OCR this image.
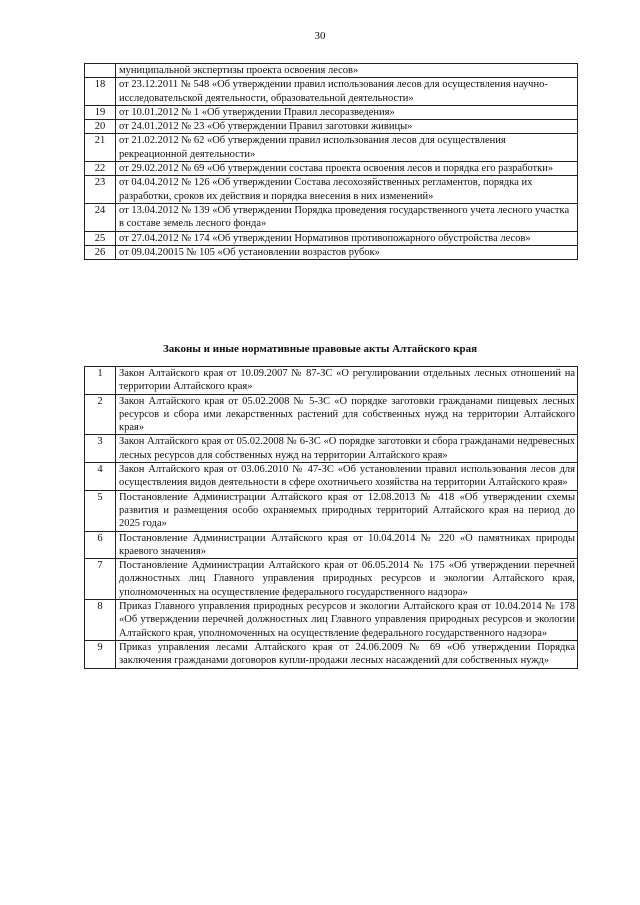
30
	муниципальной экспертизы проекта освоения лесов»
18	от 23.12.2011 № 548 «Об утверждении правил использования лесов для осуществления научно-исследовательской деятельности, образовательной деятельности»
19	от 10.01.2012 № 1 «Об утверждении Правил лесоразведения»
20	от 24.01.2012 № 23 «Об утверждении Правил заготовки живицы»
21	от 21.02.2012 № 62 «Об утверждении правил использования лесов для осуществления рекреационной деятельности»
22	от 29.02.2012 № 69 «Об утверждении состава проекта освоения лесов и порядка его разработки»
23	от 04.04.2012 № 126 «Об утверждении Состава лесохозяйственных регламентов, порядка их разработки, сроков их действия и порядка внесения в них изменений»
24	от 13.04.2012 № 139 «Об утверждении Порядка проведения государственного учета лесного участка в составе земель лесного фонда»
25	от 27.04.2012 № 174 «Об утверждении Нормативов противопожарного обустройства лесов»
26	от 09.04.20015 № 105 «Об установлении возрастов рубок»
Законы и иные нормативные правовые акты Алтайского края
1	Закон Алтайского края от 10.09.2007 № 87-ЗС «О регулировании отдельных лесных отношений на территории Алтайского края»
2	Закон Алтайского края от 05.02.2008 № 5-ЗС «О порядке заготовки гражданами пищевых лесных ресурсов и сбора ими лекарственных растений для собственных нужд на территории Алтайского края»
3	Закон Алтайского края от 05.02.2008 № 6-ЗС «О порядке заготовки и сбора гражданами недревесных лесных ресурсов для собственных нужд на территории Алтайского края»
4	Закон Алтайского края от 03.06.2010 № 47-ЗС «Об установлении правил использования лесов для осуществления видов деятельности в сфере охотничьего хозяйства на территории Алтайского края»
5	Постановление Администрации Алтайского края от 12.08.2013 № 418 «Об утверждении схемы развития и размещения особо охраняемых природных территорий Алтайского края на период до 2025 года»
6	Постановление Администрации Алтайского края от 10.04.2014 № 220 «О памятниках природы краевого значения»
7	Постановление Администрации Алтайского края от 06.05.2014 № 175 «Об утверждении перечней должностных лиц Главного управления природных ресурсов и экологии Алтайского края, уполномоченных на осуществление федерального государственного надзора»
8	Приказ Главного управления природных ресурсов и экологии Алтайского края от 10.04.2014 № 178 «Об утверждении перечней должностных лиц Главного управления природных ресурсов и экологии Алтайского края, уполномоченных на осуществление федерального государственного надзора»
9	Приказ управления лесами Алтайского края от 24.06.2009 № 69 «Об утверждении Порядка заключения гражданами договоров купли-продажи лесных насаждений для собственных нужд»
